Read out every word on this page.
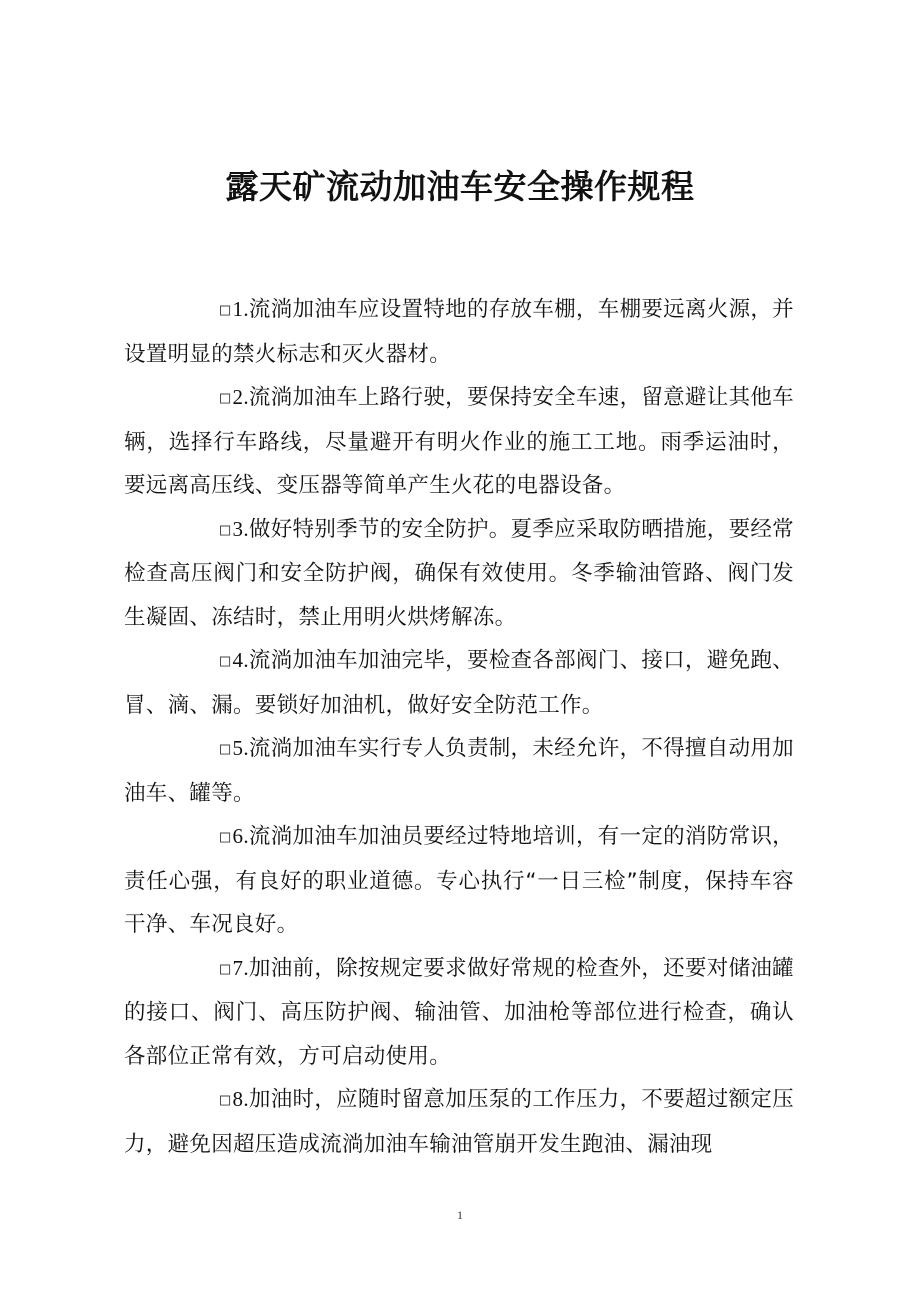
露天矿流动加油车安全操作规程

□1.流淌加油车应设置特地的存放车棚，车棚要远离火源，并设置明显的禁火标志和灭火器材。

□2.流淌加油车上路行驶，要保持安全车速，留意避让其他车辆，选择行车路线，尽量避开有明火作业的施工工地。雨季运油时，要远离高压线、变压器等简单产生火花的电器设备。

□3.做好特别季节的安全防护。夏季应采取防晒措施，要经常检查高压阀门和安全防护阀，确保有效使用。冬季输油管路、阀门发生凝固、冻结时，禁止用明火烘烤解冻。

□4.流淌加油车加油完毕，要检查各部阀门、接口，避免跑、冒、滴、漏。要锁好加油机，做好安全防范工作。

□5.流淌加油车实行专人负责制，未经允许，不得擅自动用加油车、罐等。

□6.流淌加油车加油员要经过特地培训，有一定的消防常识，责任心强，有良好的职业道德。专心执行“一日三检”制度，保持车容干净、车况良好。

□7.加油前，除按规定要求做好常规的检查外，还要对储油罐的接口、阀门、高压防护阀、输油管、加油枪等部位进行检查，确认各部位正常有效，方可启动使用。

□8.加油时，应随时留意加压泵的工作压力，不要超过额定压力，避免因超压造成流淌加油车输油管崩开发生跑油、漏油现

1
